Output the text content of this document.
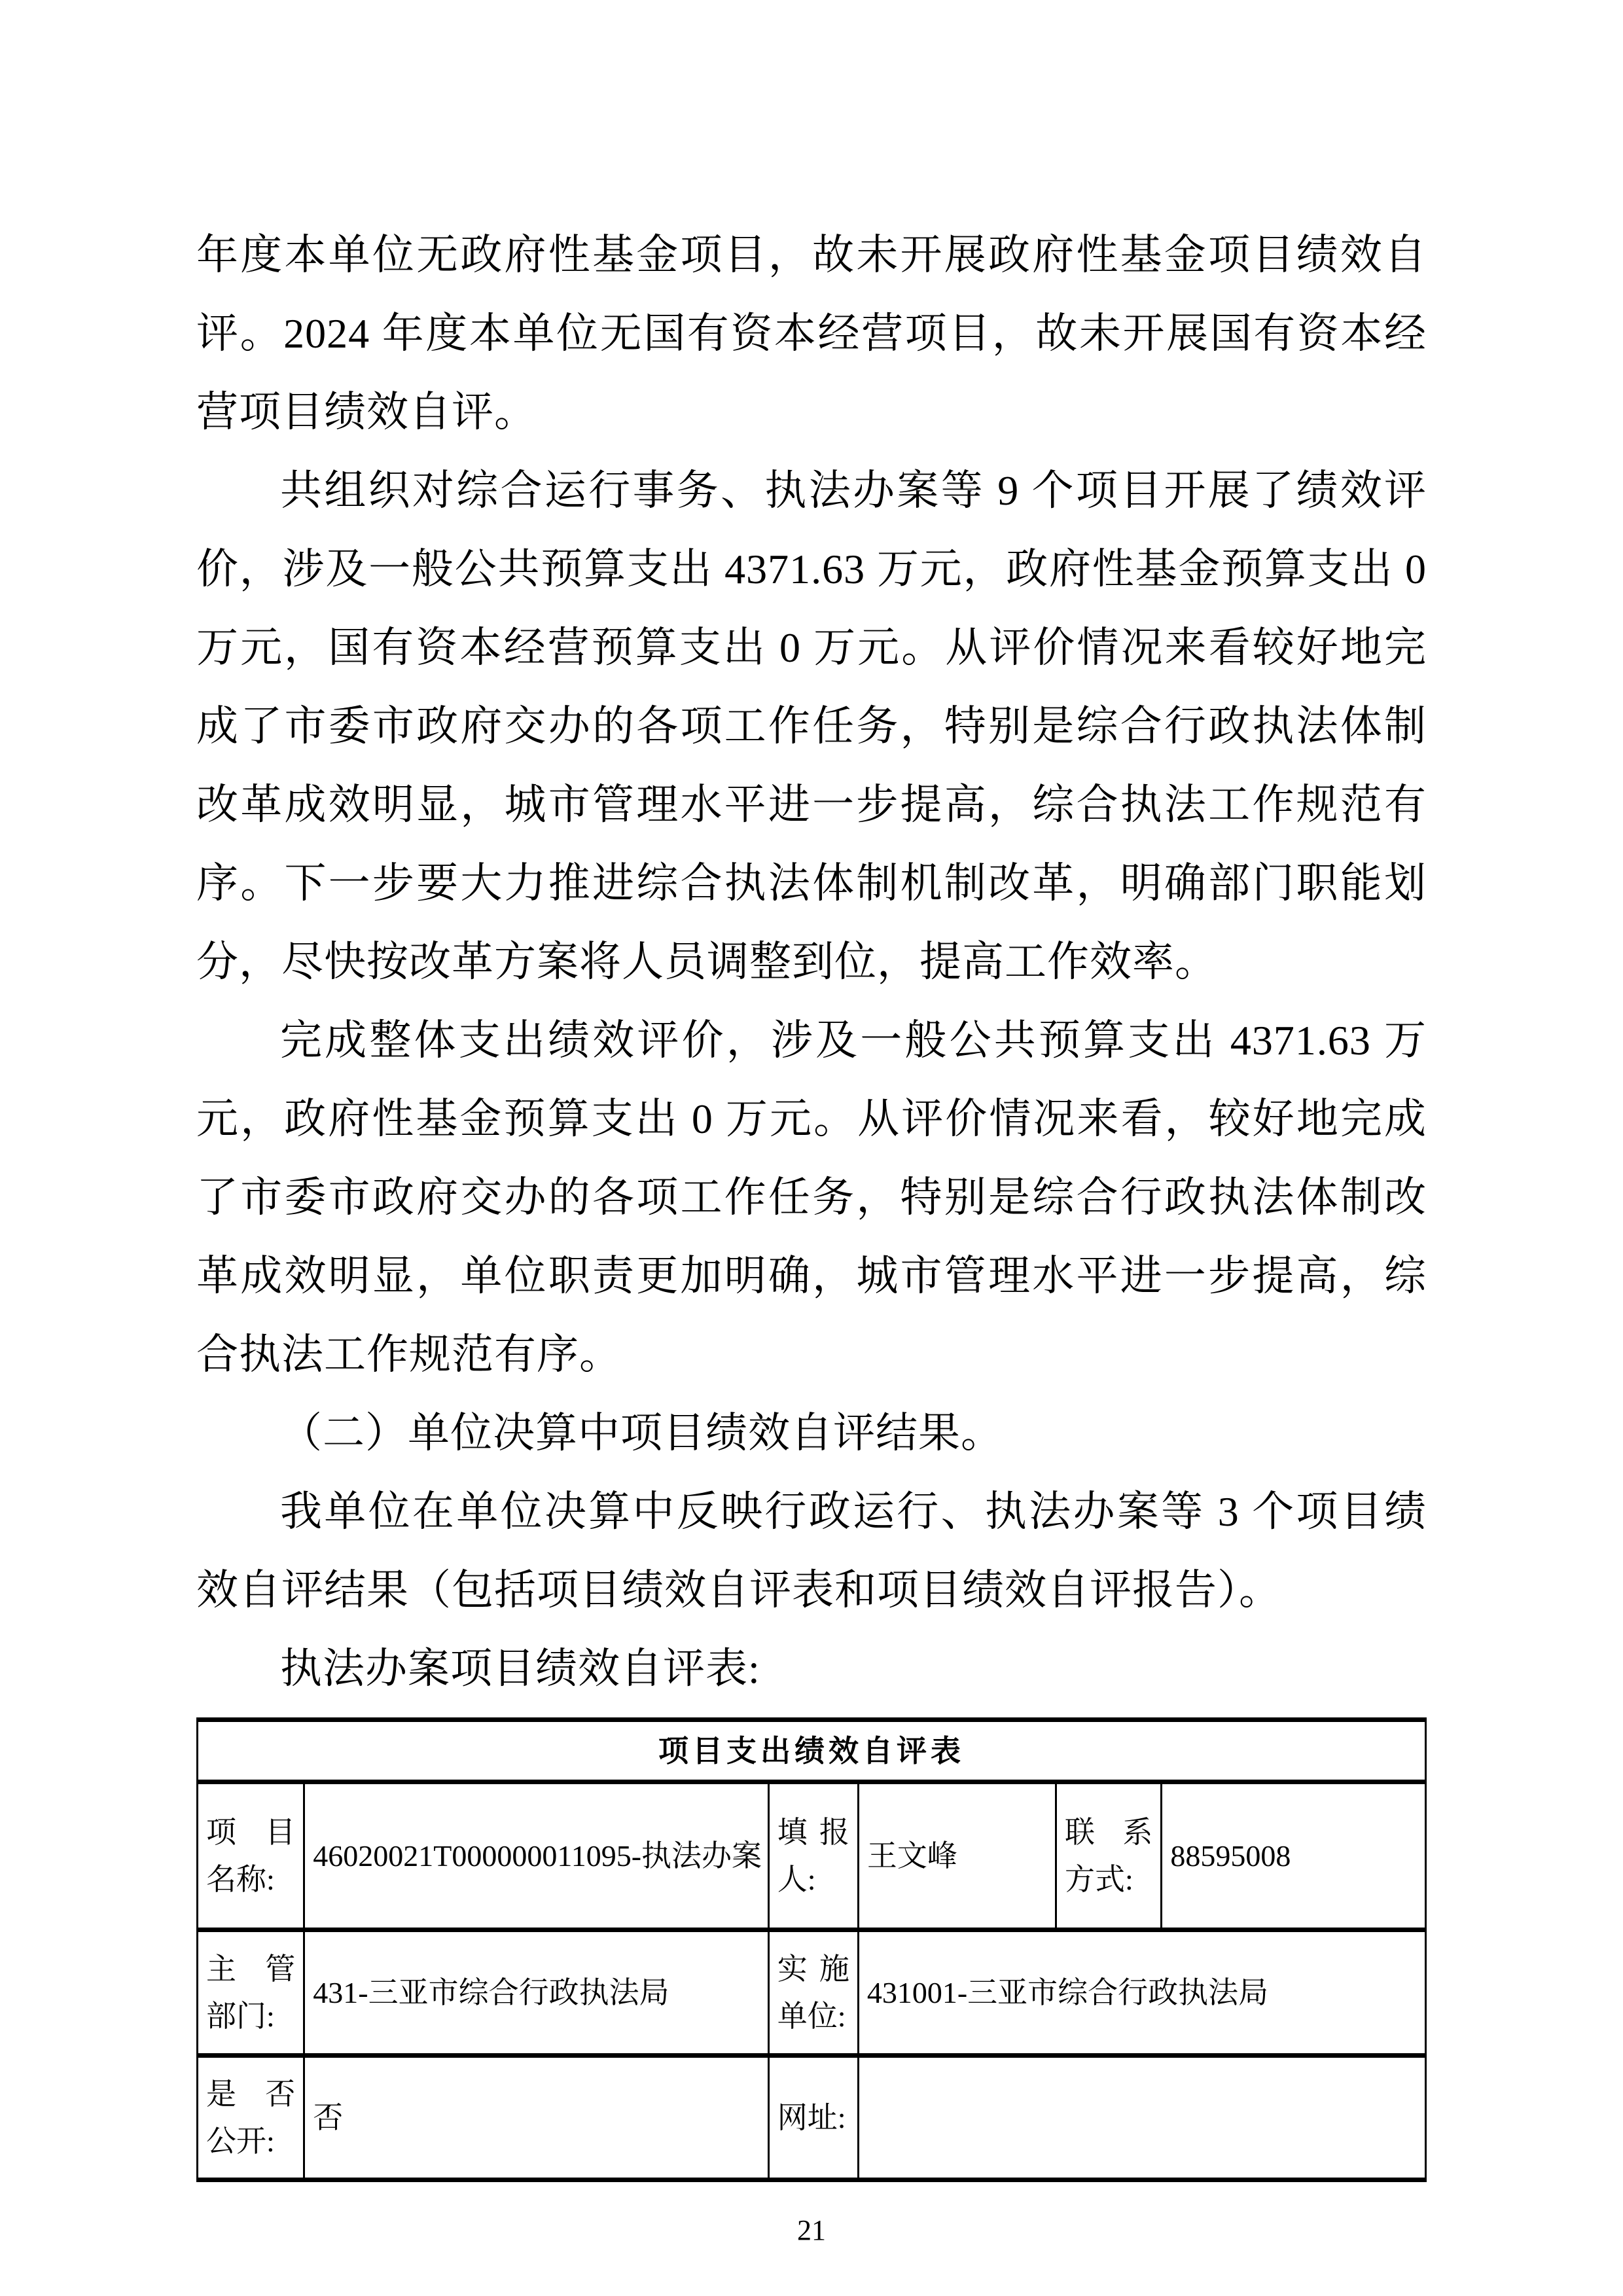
年度本单位无政府性基金项目，故未开展政府性基金项目绩效自评。2024 年度本单位无国有资本经营项目，故未开展国有资本经营项目绩效自评。

共组织对综合运行事务、执法办案等 9 个项目开展了绩效评价，涉及一般公共预算支出 4371.63 万元，政府性基金预算支出 0 万元，国有资本经营预算支出 0 万元。从评价情况来看较好地完成了市委市政府交办的各项工作任务，特别是综合行政执法体制改革成效明显，城市管理水平进一步提高，综合执法工作规范有序。下一步要大力推进综合执法体制机制改革，明确部门职能划分，尽快按改革方案将人员调整到位，提高工作效率。

完成整体支出绩效评价，涉及一般公共预算支出 4371.63 万元，政府性基金预算支出 0 万元。从评价情况来看，较好地完成了市委市政府交办的各项工作任务，特别是综合行政执法体制改革成效明显，单位职责更加明确，城市管理水平进一步提高，综合执法工作规范有序。

（二）单位决算中项目绩效自评结果。

我单位在单位决算中反映行政运行、执法办案等 3 个项目绩效自评结果（包括项目绩效自评表和项目绩效自评报告）。

执法办案项目绩效自评表:

项目支出绩效自评表					
项目名称:	46020021T000000011095-执法办案	填报人:	王文峰	联系方式:	88595008
主管部门:	431-三亚市综合行政执法局	实施单位:	431001-三亚市综合行政执法局		
是否公开:	否	网址:			
21
